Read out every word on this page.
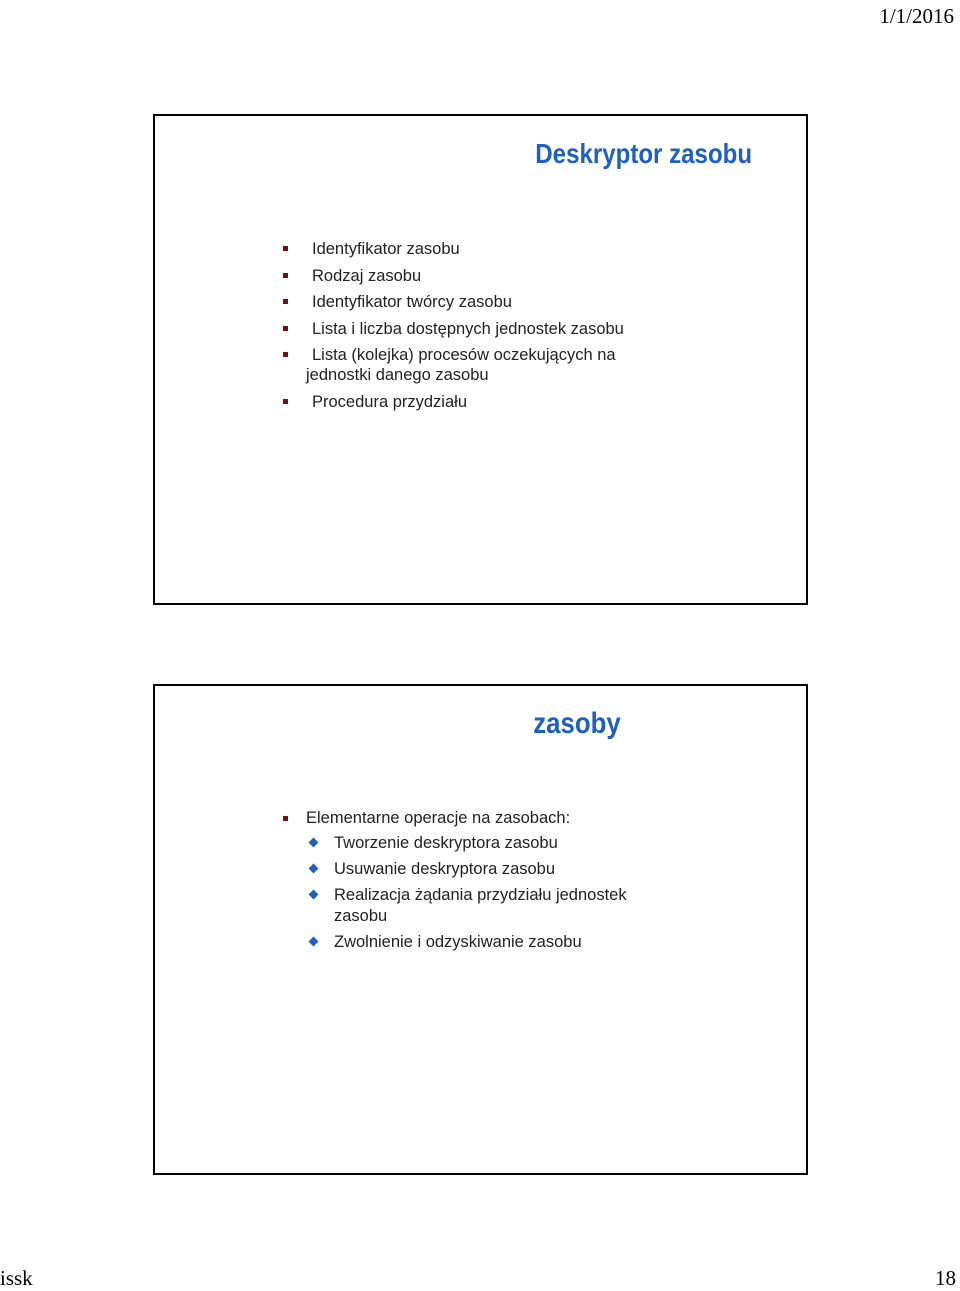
1/1/2016
Deskryptor zasobu
Identyfikator zasobu
Rodzaj zasobu
Identyfikator twórcy zasobu
Lista i liczba dostępnych jednostek zasobu
Lista (kolejka) procesów oczekujących na
jednostki danego zasobu
Procedura przydziału
zasoby
Elementarne operacje na zasobach:
Tworzenie deskryptora zasobu
Usuwanie deskryptora zasobu
Realizacja żądania przydziału jednostek zasobu
Zwolnienie i odzyskiwanie zasobu
issk	18
